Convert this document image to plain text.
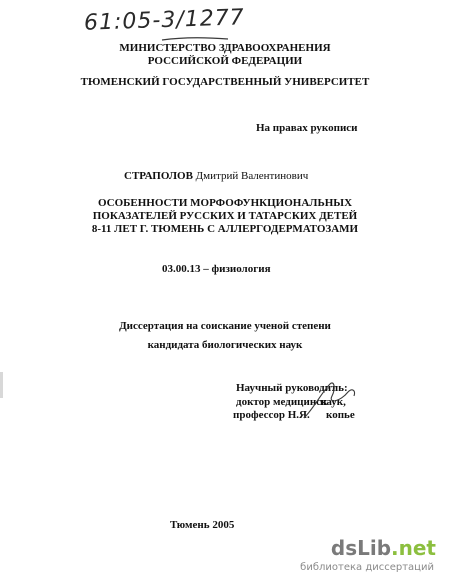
61:05-3/1277
МИНИСТЕРСТВО ЗДРАВООХРАНЕНИЯ
РОССИЙСКОЙ ФЕДЕРАЦИИ
ТЮМЕНСКИЙ ГОСУДАРСТВЕННЫЙ УНИВЕРСИТЕТ
На правах рукописи
СТРАПОЛОВ Дмитрий Валентинович
ОСОБЕННОСТИ МОРФОФУНКЦИОНАЛЬНЫХ
ПОКАЗАТЕЛЕЙ РУССКИХ И ТАТАРСКИХ ДЕТЕЙ
8-11 ЛЕТ Г. ТЮМЕНЬ С АЛЛЕРГОДЕРМАТОЗАМИ
03.00.13 – физиология
Диссертация на соискание учeной степени
кандидата биологических наук
Научный руководит
ль:
доктор медицинск
наук,
профессор Н.Я. копье
Тюмень 2005
dsLib.net
библиотека диссертаций
